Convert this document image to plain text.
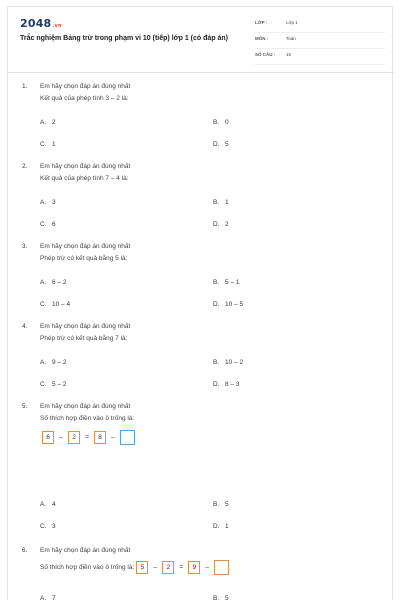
2048.vn
Trắc nghiệm Bảng trừ trong phạm vi 10 (tiếp) lớp 1 (có đáp án)
LỚP :	Lớp 1
MÔN :	Toán
SỐ CÂU : 15
1. Em hãy chọn đáp án đúng nhất
Kết quả của phép tính 3 – 2 là:
A. 2	B. 0
C. 1	D. 5
2. Em hãy chọn đáp án đúng nhất
Kết quả của phép tính 7 – 4 là:
A. 3	B. 1
C. 6	D. 2
3. Em hãy chọn đáp án đúng nhất
Phép trừ có kết quả bằng 5 là:
A. 6 – 2	B. 5 – 1
C. 10 – 4	D. 10 – 5
4. Em hãy chọn đáp án đúng nhất
Phép trừ có kết quả bằng 7 là:
A. 9 – 2	B. 10 – 2
C. 5 – 2	D. 8 – 3
5. Em hãy chọn đáp án đúng nhất
Số thích hợp điền vào ô trống là:
6 – 2 = 8 –
A. 4	B. 5
C. 3	D. 1
6. Em hãy chọn đáp án đúng nhất
Số thích hợp điền vào ô trống là: 5 – 2 = 9 –
A. 7	B. 5
